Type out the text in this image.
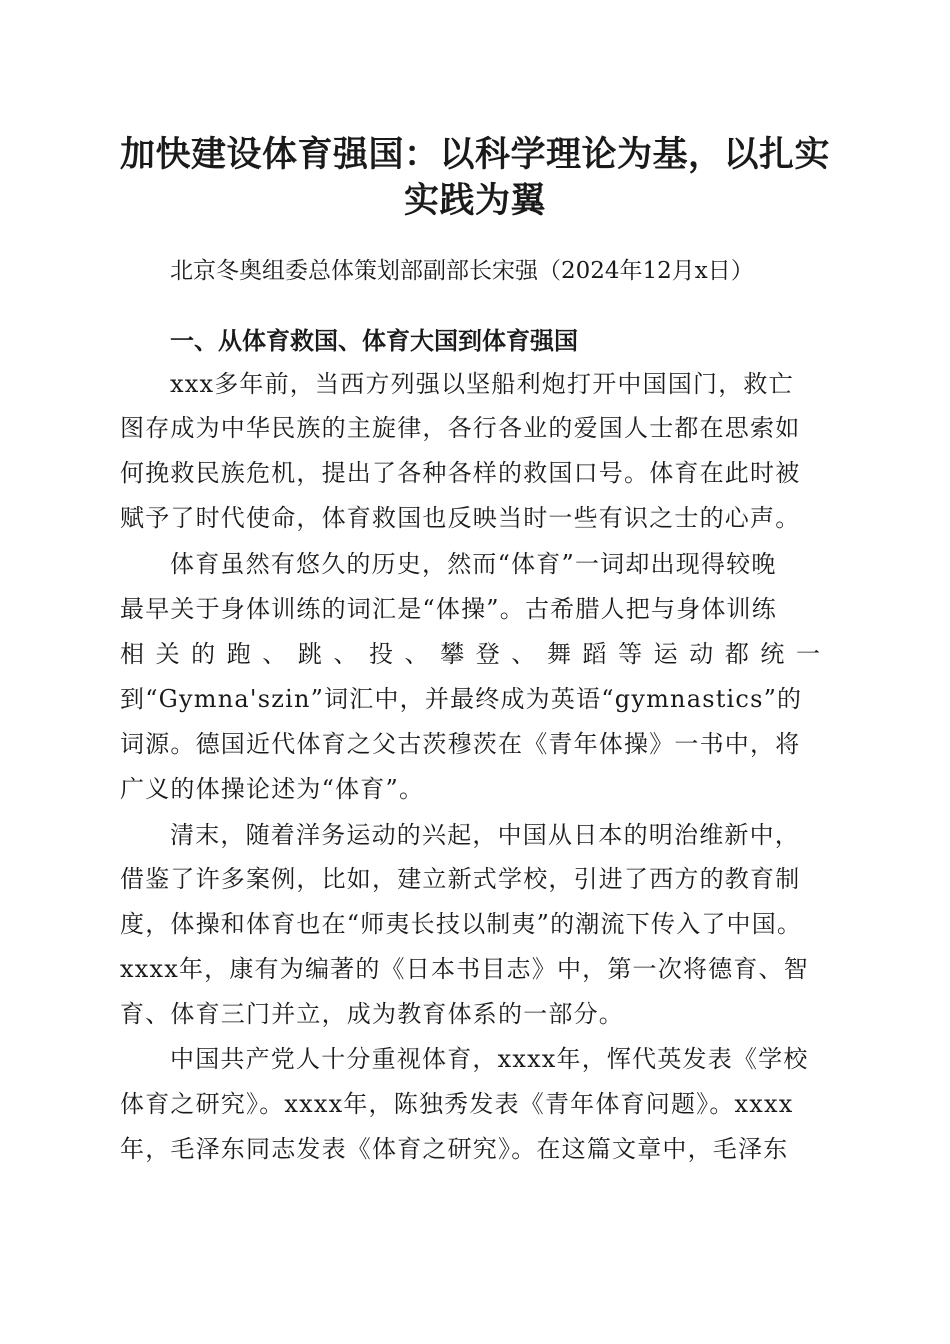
加快建设体育强国：以科学理论为基，以扎实
实践为翼
北京冬奥组委总体策划部副部长宋强（2024年12月x日）
一、从体育救国、体育大国到体育强国
xxx多年前，当西方列强以坚船利炮打开中国国门，救亡
图存成为中华民族的主旋律，各行各业的爱国人士都在思索如
何挽救民族危机，提出了各种各样的救国口号。体育在此时被
赋予了时代使命，体育救国也反映当时一些有识之士的心声。
体育虽然有悠久的历史，然而“体育”一词却出现得较晚
最早关于身体训练的词汇是“体操”。古希腊人把与身体训练
相 关 的 跑 、 跳 、 投 、 攀 登 、 舞 蹈 等 运 动 都 统 一
到“Gymna'szin”词汇中，并最终成为英语“gymnastics”的
词源。德国近代体育之父古茨穆茨在《青年体操》一书中，将
广义的体操论述为“体育”。
清末，随着洋务运动的兴起，中国从日本的明治维新中，
借鉴了许多案例，比如，建立新式学校，引进了西方的教育制
度，体操和体育也在“师夷长技以制夷”的潮流下传入了中国。
xxxx年，康有为编著的《日本书目志》中，第一次将德育、智
育、体育三门并立，成为教育体系的一部分。
中国共产党人十分重视体育，xxxx年，恽代英发表《学校
体育之研究》。xxxx年，陈独秀发表《青年体育问题》。xxxx
年，毛泽东同志发表《体育之研究》。在这篇文章中，毛泽东
